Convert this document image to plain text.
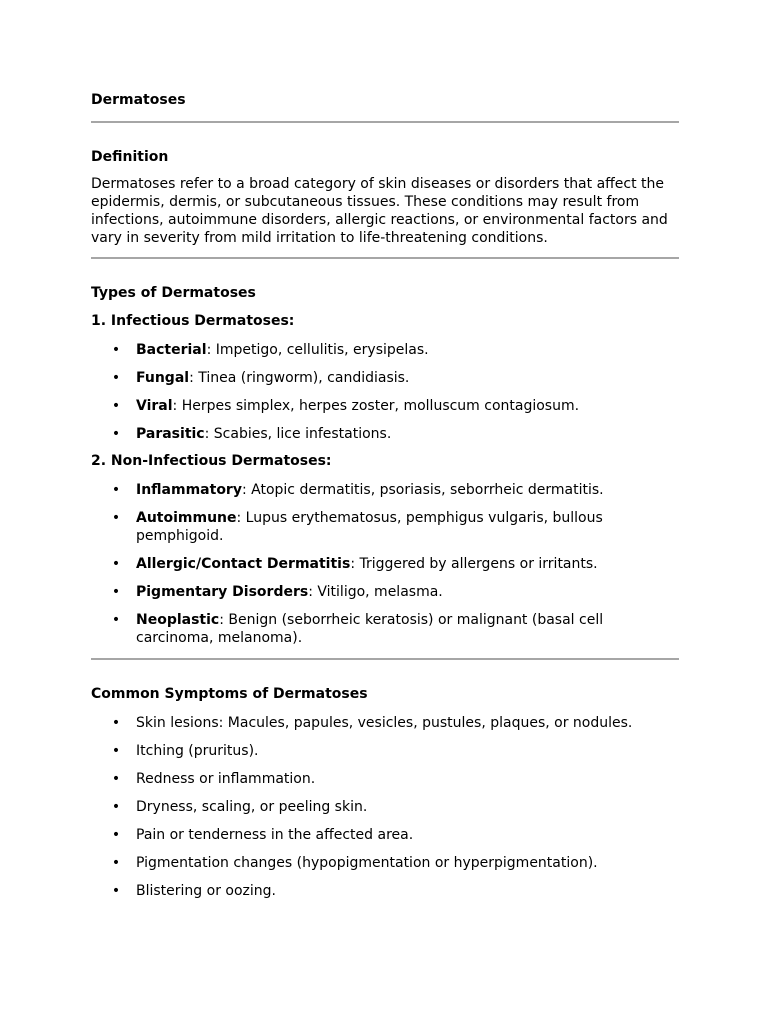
Dermatoses
Definition

Dermatoses refer to a broad category of skin diseases or disorders that affect the epidermis, dermis, or subcutaneous tissues. These conditions may result from infections, autoimmune disorders, allergic reactions, or environmental factors and vary in severity from mild irritation to life-threatening conditions.

Types of Dermatoses
1. Infectious Dermatoses:
• Bacterial: Impetigo, cellulitis, erysipelas.
• Fungal: Tinea (ringworm), candidiasis.
• Viral: Herpes simplex, herpes zoster, molluscum contagiosum.
• Parasitic: Scabies, lice infestations.
2. Non-Infectious Dermatoses:
• Inflammatory: Atopic dermatitis, psoriasis, seborrheic dermatitis.
• Autoimmune: Lupus erythematosus, pemphigus vulgaris, bullous pemphigoid.
• Allergic/Contact Dermatitis: Triggered by allergens or irritants.
• Pigmentary Disorders: Vitiligo, melasma.
• Neoplastic: Benign (seborrheic keratosis) or malignant (basal cell carcinoma, melanoma).
Common Symptoms of Dermatoses
• Skin lesions: Macules, papules, vesicles, pustules, plaques, or nodules.
• Itching (pruritus).
• Redness or inflammation.
• Dryness, scaling, or peeling skin.
• Pain or tenderness in the affected area.
• Pigmentation changes (hypopigmentation or hyperpigmentation).
• Blistering or oozing.
